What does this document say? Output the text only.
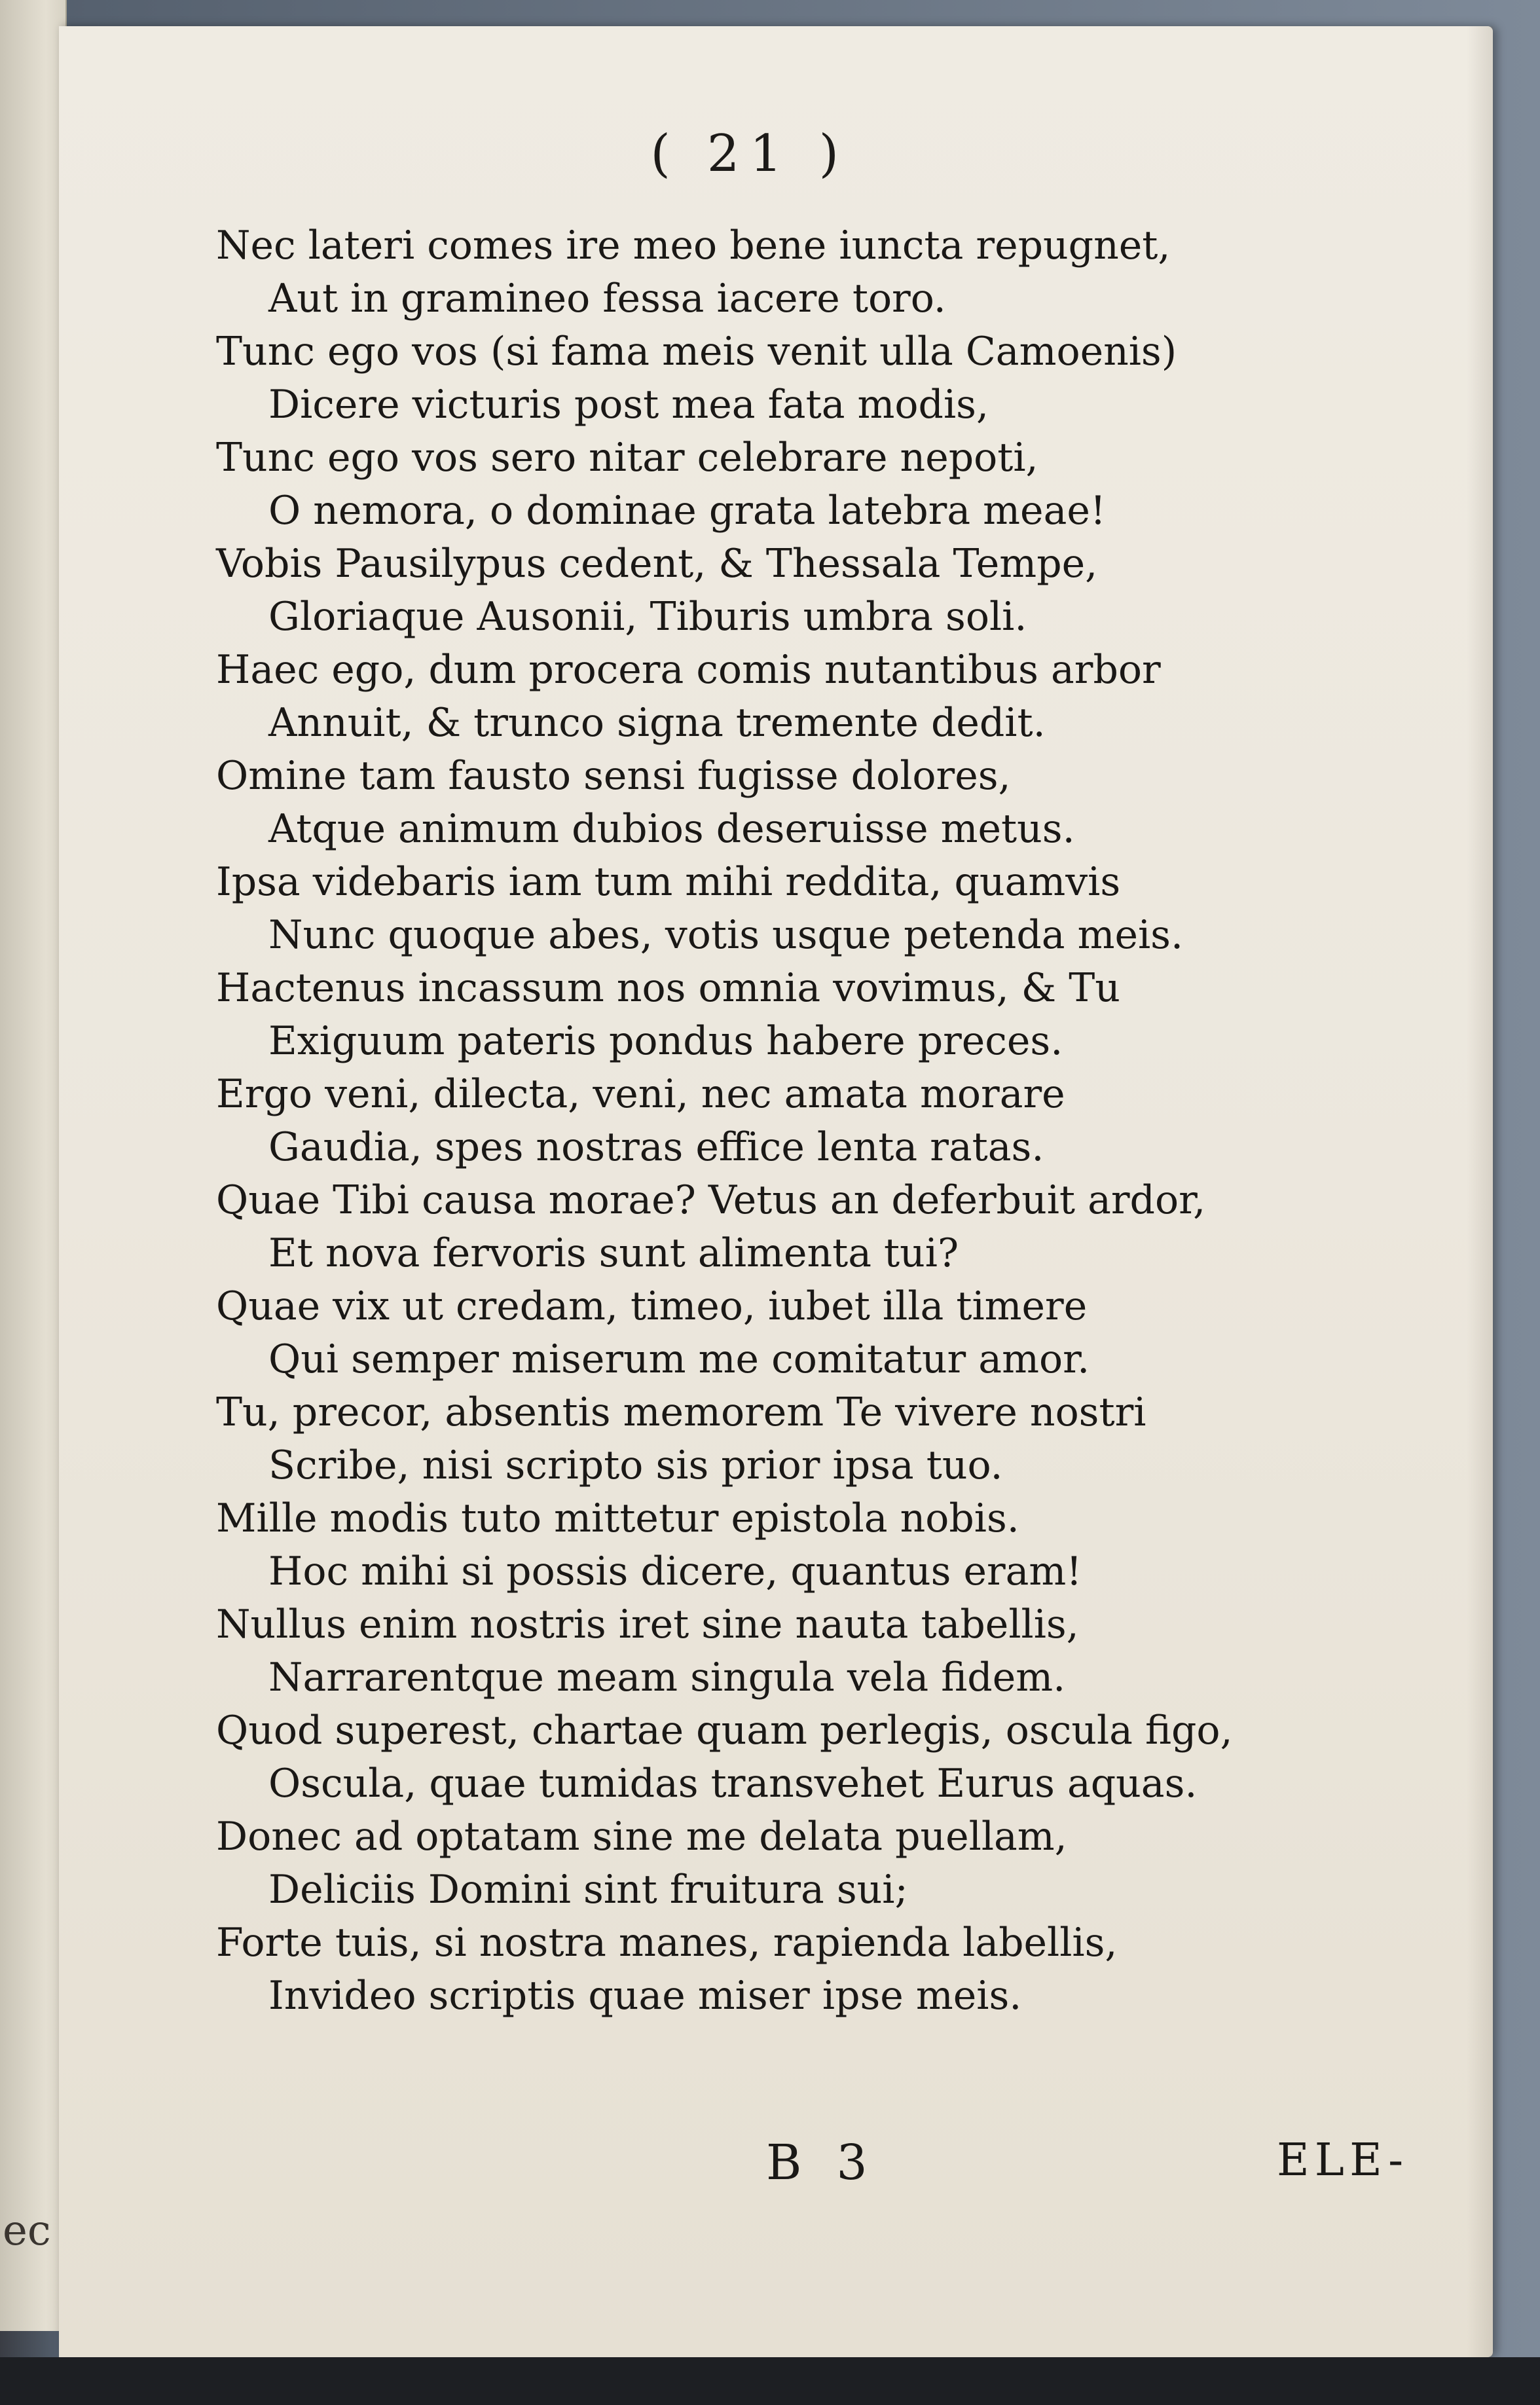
ec
( 21 )
Nec lateri comes ire meo bene iuncta repugnet,
Aut in gramineo fessa iacere toro.
Tunc ego vos (si fama meis venit ulla Camoenis)
Dicere victuris post mea fata modis,
Tunc ego vos sero nitar celebrare nepoti,
O nemora, o dominae grata latebra meae!
Vobis Pausilypus cedent, & Thessala Tempe,
Gloriaque Ausonii, Tiburis umbra soli.
Haec ego, dum procera comis nutantibus arbor
Annuit, & trunco signa tremente dedit.
Omine tam fausto sensi fugisse dolores,
Atque animum dubios deseruisse metus.
Ipsa videbaris iam tum mihi reddita, quamvis
Nunc quoque abes, votis usque petenda meis.
Hactenus incassum nos omnia vovimus, & Tu
Exiguum pateris pondus habere preces.
Ergo veni, dilecta, veni, nec amata morare
Gaudia, spes nostras effice lenta ratas.
Quae Tibi causa morae? Vetus an deferbuit ardor,
Et nova fervoris sunt alimenta tui?
Quae vix ut credam, timeo, iubet illa timere
Qui semper miserum me comitatur amor.
Tu, precor, absentis memorem Te vivere nostri
Scribe, nisi scripto sis prior ipsa tuo.
Mille modis tuto mittetur epistola nobis.
Hoc mihi si possis dicere, quantus eram!
Nullus enim nostris iret sine nauta tabellis,
Narrarentque meam singula vela fidem.
Quod superest, chartae quam perlegis, oscula figo,
Oscula, quae tumidas transvehet Eurus aquas.
Donec ad optatam sine me delata puellam,
Deliciis Domini sint fruitura sui;
Forte tuis, si nostra manes, rapienda labellis,
Invideo scriptis quae miser ipse meis.
B 3	ELE-
